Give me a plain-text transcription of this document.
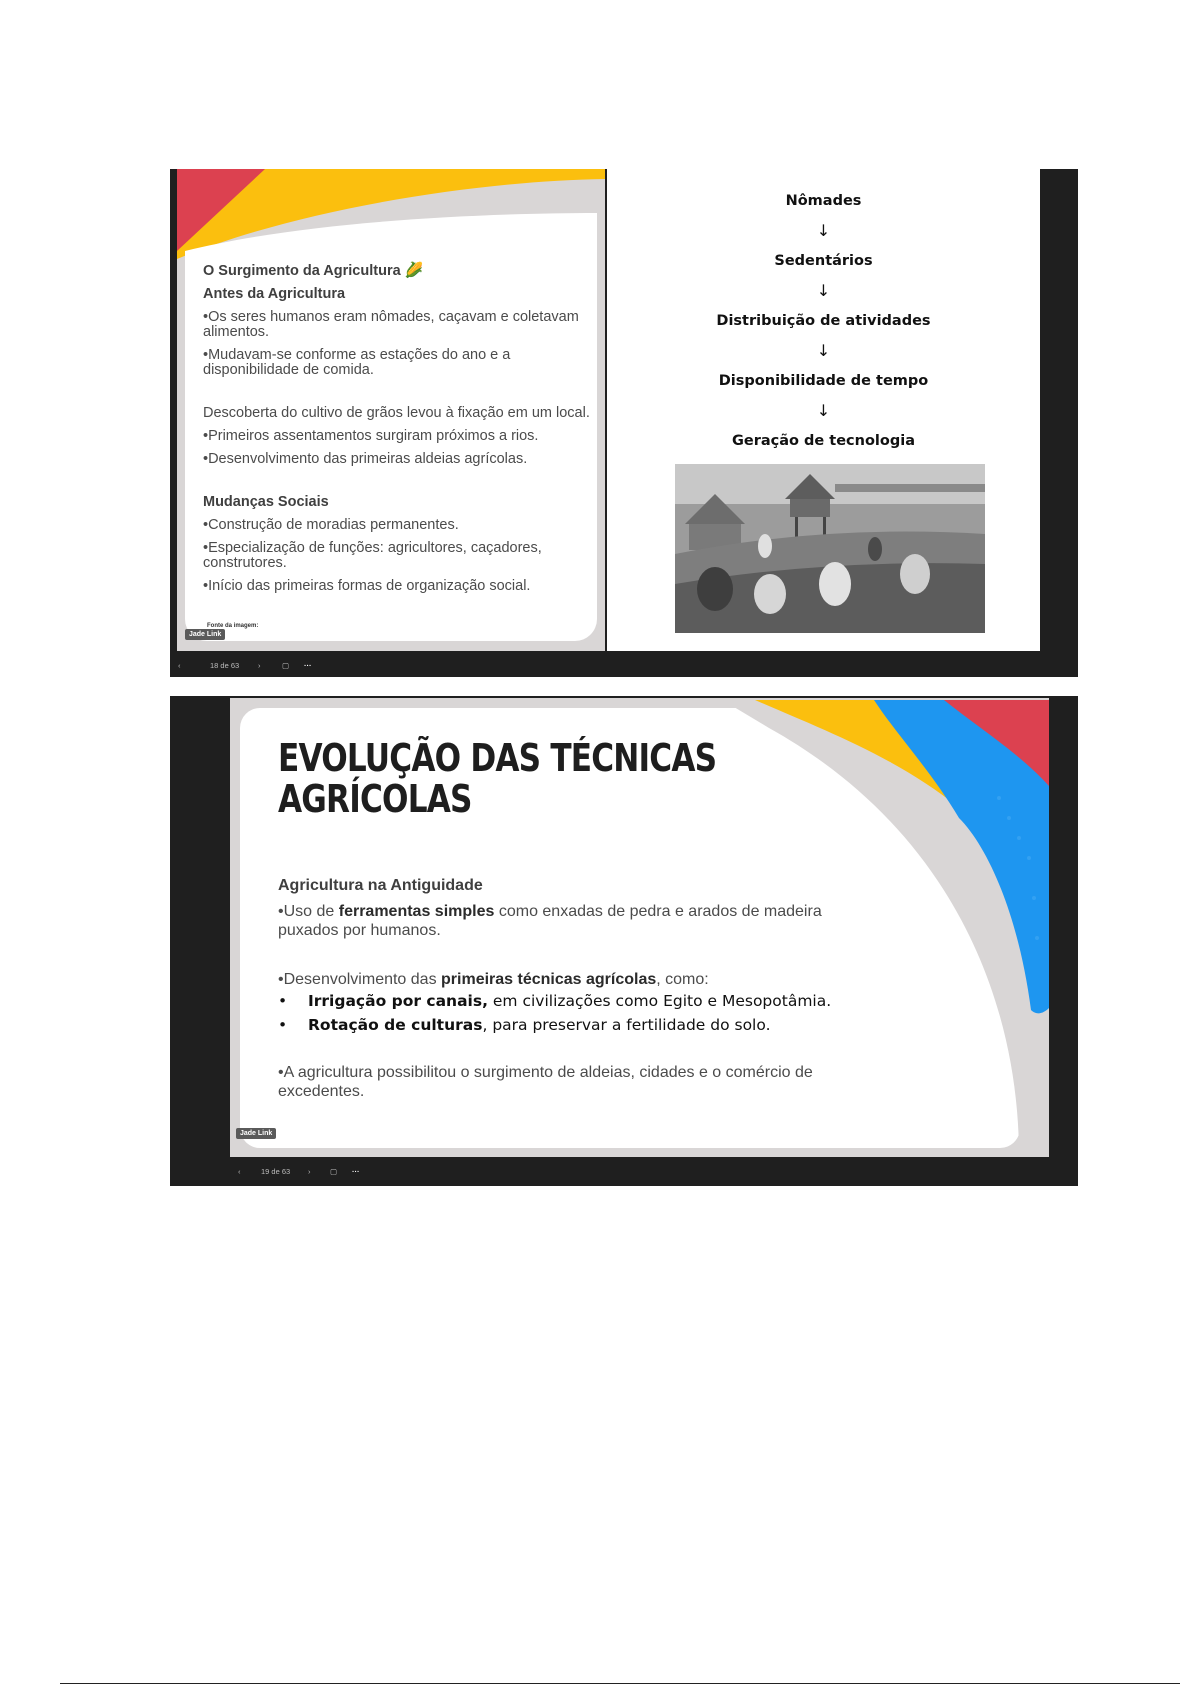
O Surgimento da Agricultura 🌽

Antes da Agricultura

•Os seres humanos eram nômades, caçavam e coletavam alimentos.

•Mudavam-se conforme as estações do ano e a disponibilidade de comida.

Descoberta do cultivo de grãos levou à fixação em um local.

•Primeiros assentamentos surgiram próximos a rios.

•Desenvolvimento das primeiras aldeias agrícolas.

Mudanças Sociais

•Construção de moradias permanentes.

•Especialização de funções: agricultores, caçadores, construtores.

•Início das primeiras formas de organização social.

Fonte da imagem:
Jade Link
Nômades
↓
Sedentários
↓
Distribuição de atividades
↓
Disponibilidade de tempo
↓
Geração de tecnologia
‹	18 de 63	›	▢ ···
EVOLUÇÃO DAS TÉCNICAS
AGRÍCOLAS

Agricultura na Antiguidade

•Uso de ferramentas simples como enxadas de pedra e arados de madeira puxados por humanos.

•Desenvolvimento das primeiras técnicas agrícolas, como:

• Irrigação por canais, em civilizações como Egito e Mesopotâmia.

• Rotação de culturas, para preservar a fertilidade do solo.

•A agricultura possibilitou o surgimento de aldeias, cidades e o comércio de excedentes.

Jade Link
‹	19 de 63 ›	▢ ···
